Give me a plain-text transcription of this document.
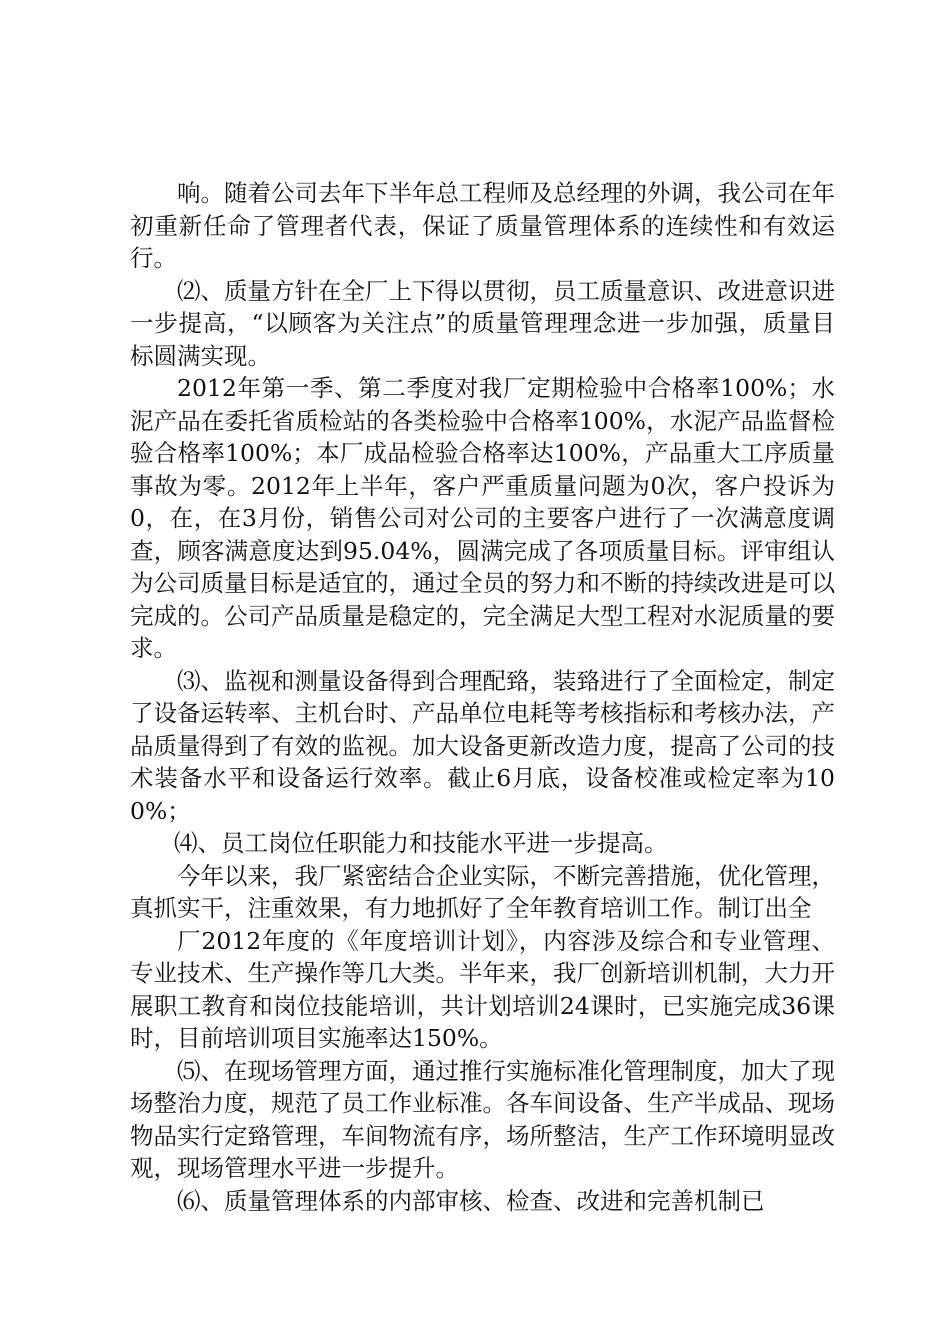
响。随着公司去年下半年总工程师及总经理的外调，我公司在年初重新任命了管理者代表，保证了质量管理体系的连续性和有效运行。

⑵、质量方针在全厂上下得以贯彻，员工质量意识、改进意识进一步提高，“以顾客为关注点”的质量管理理念进一步加强，质量目标圆满实现。

2012年第一季、第二季度对我厂定期检验中合格率100%；水泥产品在委托省质检站的各类检验中合格率100%，水泥产品监督检验合格率100%；本厂成品检验合格率达100%，产品重大工序质量事故为零。2012年上半年，客户严重质量问题为0次，客户投诉为0，在，在3月份，销售公司对公司的主要客户进行了一次满意度调查，顾客满意度达到95.04%，圆满完成了各项质量目标。评审组认为公司质量目标是适宜的，通过全员的努力和不断的持续改进是可以完成的。公司产品质量是稳定的，完全满足大型工程对水泥质量的要求。

⑶、监视和测量设备得到合理配臵，装臵进行了全面检定，制定了设备运转率、主机台时、产品单位电耗等考核指标和考核办法，产品质量得到了有效的监视。加大设备更新改造力度，提高了公司的技术装备水平和设备运行效率。截止6月底，设备校准或检定率为100%；

⑷、员工岗位任职能力和技能水平进一步提高。

今年以来，我厂紧密结合企业实际，不断完善措施，优化管理，真抓实干，注重效果，有力地抓好了全年教育培训工作。制订出全

厂2012年度的《年度培训计划》，内容涉及综合和专业管理、专业技术、生产操作等几大类。半年来，我厂创新培训机制，大力开展职工教育和岗位技能培训，共计划培训24课时，已实施完成36课时，目前培训项目实施率达150%。

⑸、在现场管理方面，通过推行实施标准化管理制度，加大了现场整治力度，规范了员工作业标准。各车间设备、生产半成品、现场物品实行定臵管理，车间物流有序，场所整洁，生产工作环境明显改观，现场管理水平进一步提升。

⑹、质量管理体系的内部审核、检查、改进和完善机制已
